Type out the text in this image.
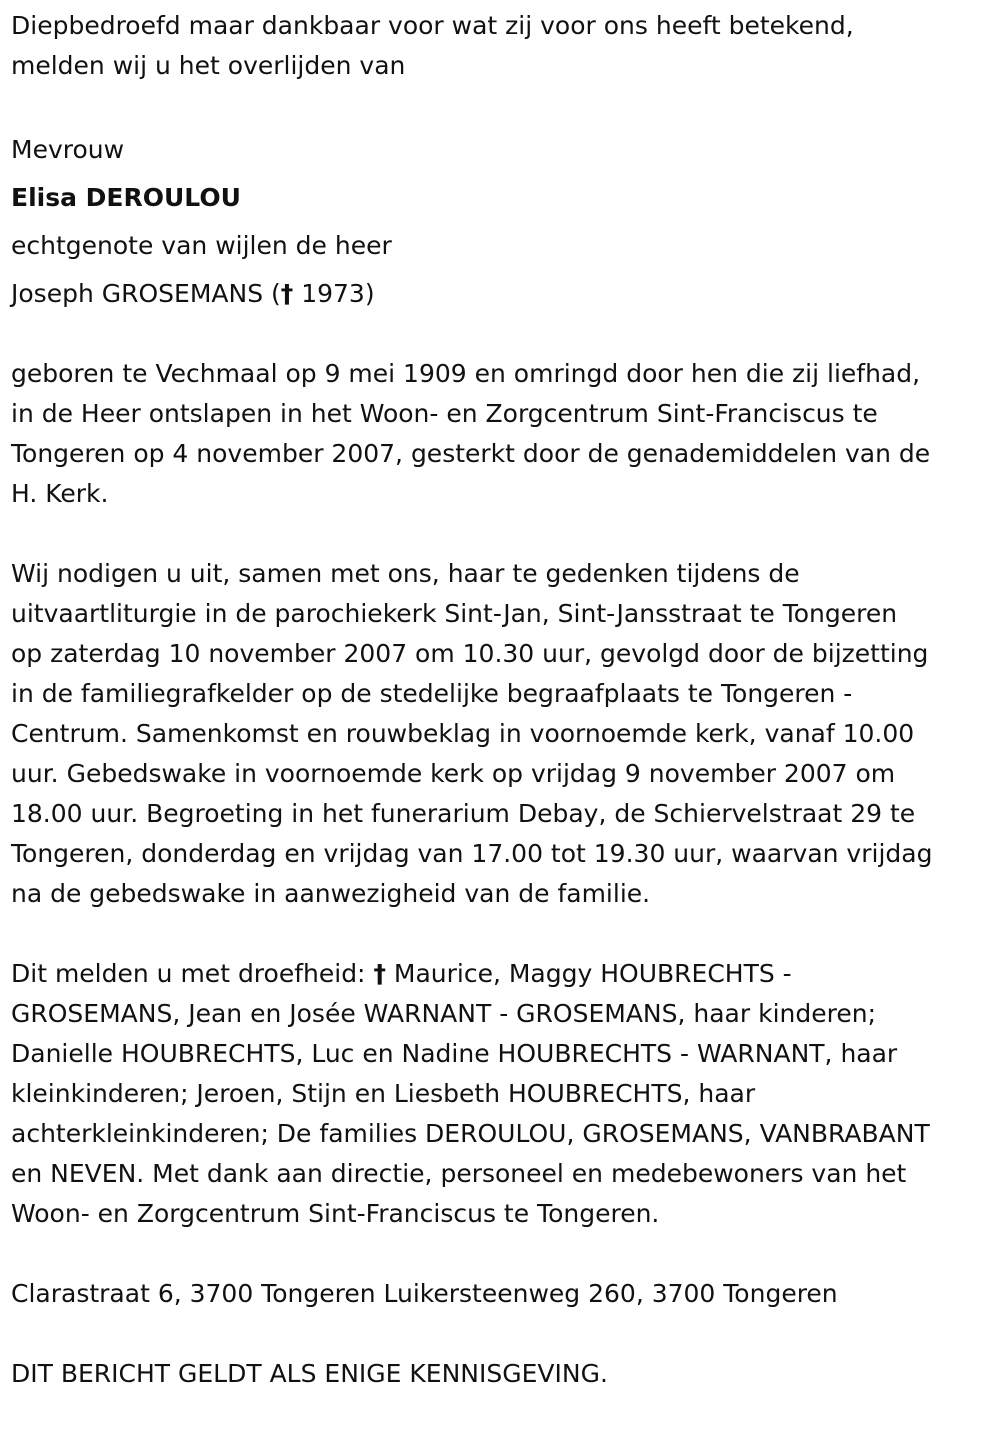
Diepbedroefd maar dankbaar voor wat zij voor ons heeft betekend,
melden wij u het overlijden van
Mevrouw
Elisa DEROULOU
echtgenote van wijlen de heer
Joseph GROSEMANS († 1973)
geboren te Vechmaal op 9 mei 1909 en omringd door hen die zij liefhad,
in de Heer ontslapen in het Woon- en Zorgcentrum Sint-Franciscus te
Tongeren op 4 november 2007, gesterkt door de genademiddelen van de
H. Kerk.
Wij nodigen u uit, samen met ons, haar te gedenken tijdens de
uitvaartliturgie in de parochiekerk Sint-Jan, Sint-Jansstraat te Tongeren
op zaterdag 10 november 2007 om 10.30 uur, gevolgd door de bijzetting
in de familiegrafkelder op de stedelijke begraafplaats te Tongeren -
Centrum. Samenkomst en rouwbeklag in voornoemde kerk, vanaf 10.00
uur. Gebedswake in voornoemde kerk op vrijdag 9 november 2007 om
18.00 uur. Begroeting in het funerarium Debay, de Schiervelstraat 29 te
Tongeren, donderdag en vrijdag van 17.00 tot 19.30 uur, waarvan vrijdag
na de gebedswake in aanwezigheid van de familie.
Dit melden u met droefheid: † Maurice, Maggy HOUBRECHTS -
GROSEMANS, Jean en Josée WARNANT - GROSEMANS, haar kinderen;
Danielle HOUBRECHTS, Luc en Nadine HOUBRECHTS - WARNANT, haar
kleinkinderen; Jeroen, Stijn en Liesbeth HOUBRECHTS, haar
achterkleinkinderen; De families DEROULOU, GROSEMANS, VANBRABANT
en NEVEN. Met dank aan directie, personeel en medebewoners van het
Woon- en Zorgcentrum Sint-Franciscus te Tongeren.
Clarastraat 6, 3700 Tongeren Luikersteenweg 260, 3700 Tongeren
DIT BERICHT GELDT ALS ENIGE KENNISGEVING.
